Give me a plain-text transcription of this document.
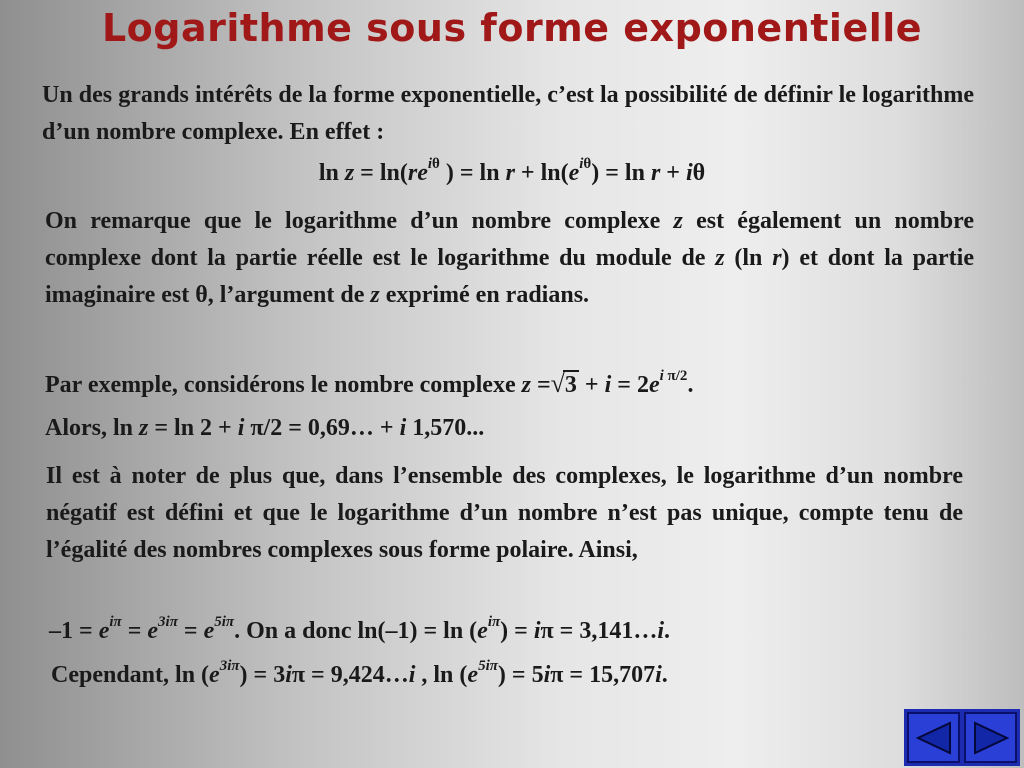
Logarithme sous forme exponentielle
Un des grands intérêts de la forme exponentielle, c’est la possibilité de définir le logarithme d’un nombre complexe. En effet :
$\ln z = \ln(re^{i\theta}$ ) = $\ln r + \ln(e^{i\theta}) = \ln r + i\theta$
On remarque que le logarithme d’un nombre complexe z est également un nombre complexe dont la partie réelle est le logarithme du module de z (ln r) et dont la partie imaginaire est θ, l’argument de z exprimé en radians.
Par exemple, considérons le nombre complexe $z =√3 + i = 2e^{i \pi/2}$.
Alors, ln z = ln 2 + i π/2 = 0,69… + i 1,570...
Il est à noter de plus que, dans l’ensemble des complexes, le logarithme d’un nombre négatif est défini et que le logarithme d’un nombre n’est pas unique, compte tenu de l’égalité des nombres complexes sous forme polaire. Ainsi,
$-1 = e^{i\pi} = e^{3i\pi} = e^{5i\pi}$. On a donc $\ln(-1) = \ln (e^{i\pi}) = i\pi$ = 3,141…i.
Cependant, $\ln (e^{3i\pi}) = 3i\pi$ = 9,424…i , $\ln (e^{5i\pi}) = 5i\pi = 15,707i$.
